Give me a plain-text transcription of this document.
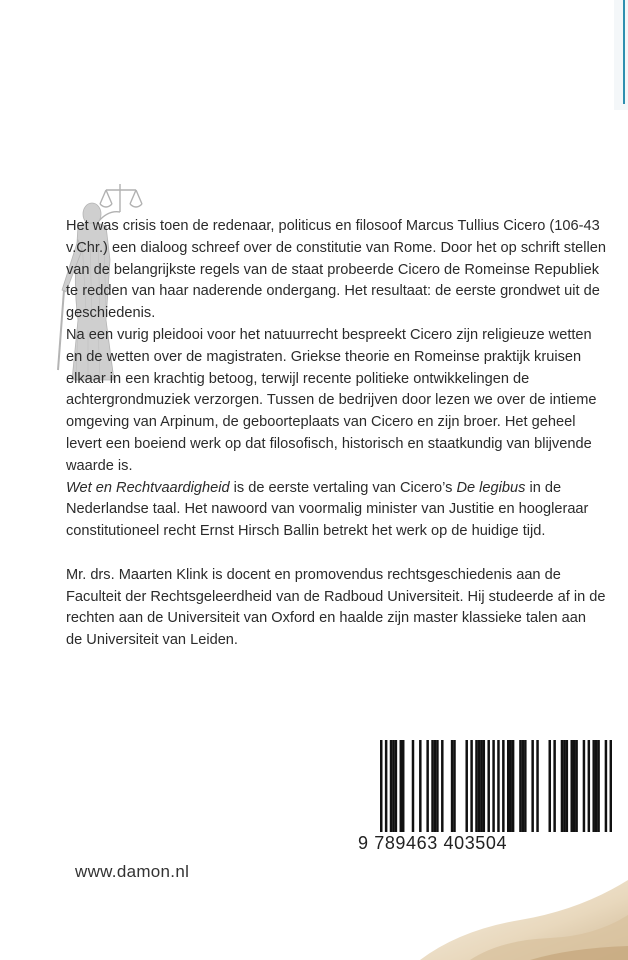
Het was crisis toen de redenaar, politicus en filosoof Marcus Tullius Cicero (106-43 v.Chr.) een dialoog schreef over de constitutie van Rome. Door het op schrift stellen van de belangrijkste regels van de staat probeerde Cicero de Romeinse Republiek te redden van haar naderende ondergang. Het resultaat: de eerste grondwet uit de geschiedenis.

Na een vurig pleidooi voor het natuurrecht bespreekt Cicero zijn religieuze wetten en de wetten over de magistraten. Griekse theorie en Romeinse praktijk kruisen elkaar in een krachtig betoog, terwijl recente politieke ontwikkelingen de achtergrondmuziek verzorgen. Tussen de bedrijven door lezen we over de intieme omgeving van Arpinum, de geboorteplaats van Cicero en zijn broer. Het geheel levert een boeiend werk op dat filosofisch, historisch en staatkundig van blijvende waarde is.

Wet en Rechtvaardigheid is de eerste vertaling van Cicero’s De legibus in de Nederlandse taal. Het nawoord van voormalig minister van Justitie en hoogleraar constitutioneel recht Ernst Hirsch Ballin betrekt het werk op de huidige tijd.

Mr. drs. Maarten Klink is docent en promovendus rechtsgeschiedenis aan de Faculteit der Rechtsgeleerdheid van de Radboud Universiteit. Hij studeerde af in de rechten aan de Universiteit van Oxford en haalde zijn master klassieke talen aan de Universiteit van Leiden.

9 789463 403504
www.damon.nl
